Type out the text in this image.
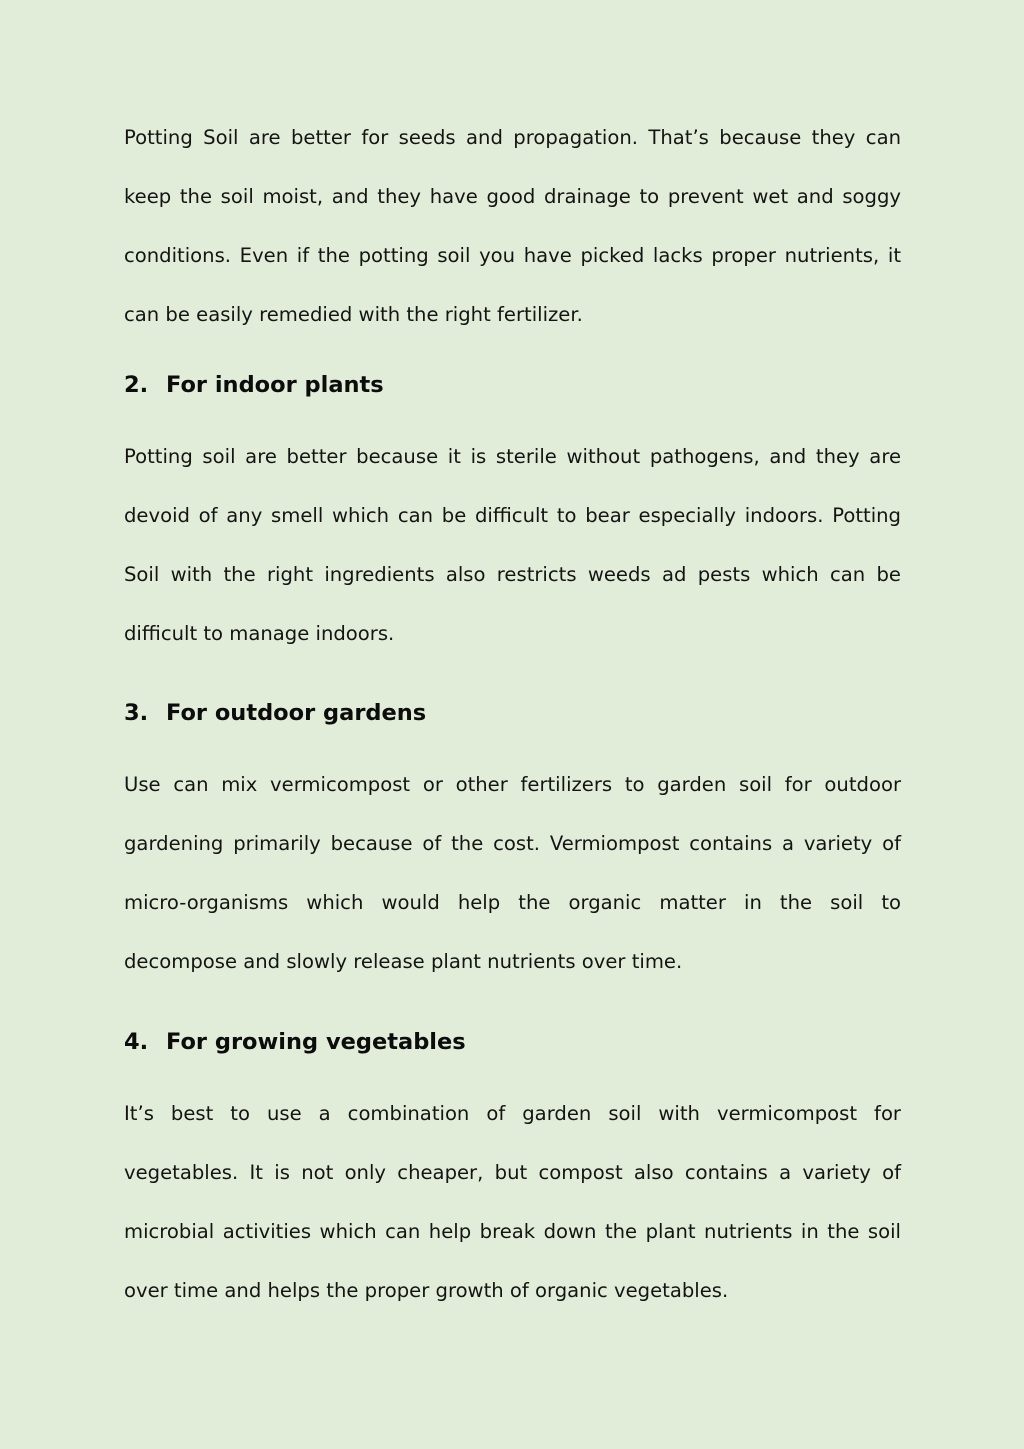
Potting Soil are better for seeds and propagation. That’s because they can keep the soil moist, and they have good drainage to prevent wet and soggy conditions. Even if the potting soil you have picked lacks proper nutrients, it can be easily remedied with the right fertilizer.

2. For indoor plants

Potting soil are better because it is sterile without pathogens, and they are devoid of any smell which can be difficult to bear especially indoors. Potting Soil with the right ingredients also restricts weeds ad pests which can be difficult to manage indoors.

3. For outdoor gardens

Use can mix vermicompost or other fertilizers to garden soil for outdoor gardening primarily because of the cost. Vermiompost contains a variety of micro-organisms which would help the organic matter in the soil to decompose and slowly release plant nutrients over time.

4. For growing vegetables

It’s best to use a combination of garden soil with vermicompost for vegetables. It is not only cheaper, but compost also contains a variety of microbial activities which can help break down the plant nutrients in the soil over time and helps the proper growth of organic vegetables.
